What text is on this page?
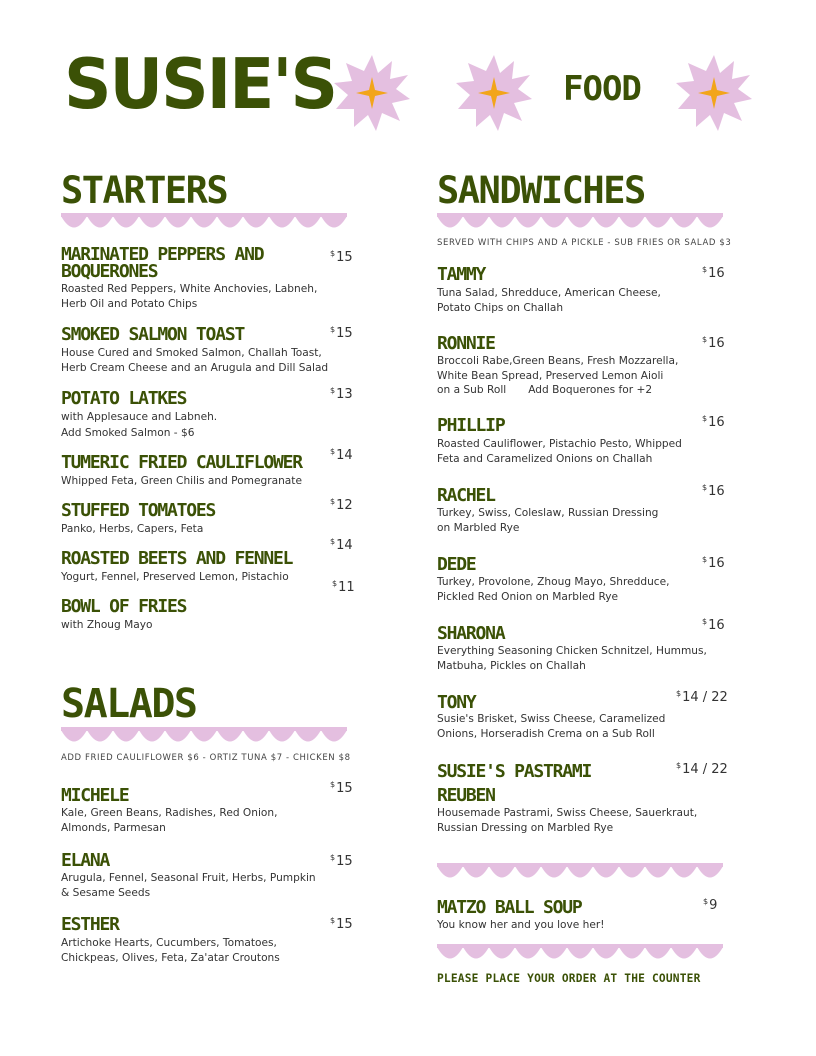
SUSIE'S	FOOD
STARTERS
MARINATED PEPPERS AND BOQUERONES
$15
Roasted Red Peppers, White Anchovies, Labneh, Herb Oil and Potato Chips
SMOKED SALMON TOAST	$15
House Cured and Smoked Salmon, Challah Toast, Herb Cream Cheese and an Arugula and Dill Salad
POTATO LATKES	$13
with Applesauce and Labneh.
Add Smoked Salmon - $6
TUMERIC FRIED CAULIFLOWER
$14
Whipped Feta, Green Chilis and Pomegranate
STUFFED TOMATOES	$12
Panko, Herbs, Capers, Feta
$14
ROASTED BEETS AND FENNEL
Yogurt, Fennel, Preserved Lemon, Pistachio
$11
BOWL OF FRIES
with Zhoug Mayo
SALADS
ADD FRIED CAULIFLOWER $6 - ORTIZ TUNA $7 - CHICKEN $8
MICHELE
$15
Kale, Green Beans, Radishes, Red Onion, Almonds, Parmesan
ELANA	$15
Arugula, Fennel, Seasonal Fruit, Herbs, Pumpkin & Sesame Seeds
ESTHER	$15
Artichoke Hearts, Cucumbers, Tomatoes, Chickpeas, Olives, Feta, Za'atar Croutons
SANDWICHES
SERVED WITH CHIPS AND A PICKLE - SUB FRIES OR SALAD $3
TAMMY	$16
Tuna Salad, Shredduce, American Cheese, Potato Chips on Challah
RONNIE	$16
Broccoli Rabe,Green Beans, Fresh Mozzarella, White Bean Spread, Preserved Lemon Aioli
on a Sub Roll Add Boquerones for +2
PHILLIP	$16
Roasted Cauliflower, Pistachio Pesto, Whipped Feta and Caramelized Onions on Challah
RACHEL	$16
Turkey, Swiss, Coleslaw, Russian Dressing on Marbled Rye
DEDE	$16
Turkey, Provolone, Zhoug Mayo, Shredduce, Pickled Red Onion on Marbled Rye
SHARONA
$16
Everything Seasoning Chicken Schnitzel, Hummus, Matbuha, Pickles on Challah
TONY	$14 / 22
Susie's Brisket, Swiss Cheese, Caramelized Onions, Horseradish Crema on a Sub Roll
SUSIE'S PASTRAMI
REUBEN
$14 / 22
Housemade Pastrami, Swiss Cheese, Sauerkraut, Russian Dressing on Marbled Rye
MATZO BALL SOUP	$9
You know her and you love her!
PLEASE PLACE YOUR ORDER AT THE COUNTER
